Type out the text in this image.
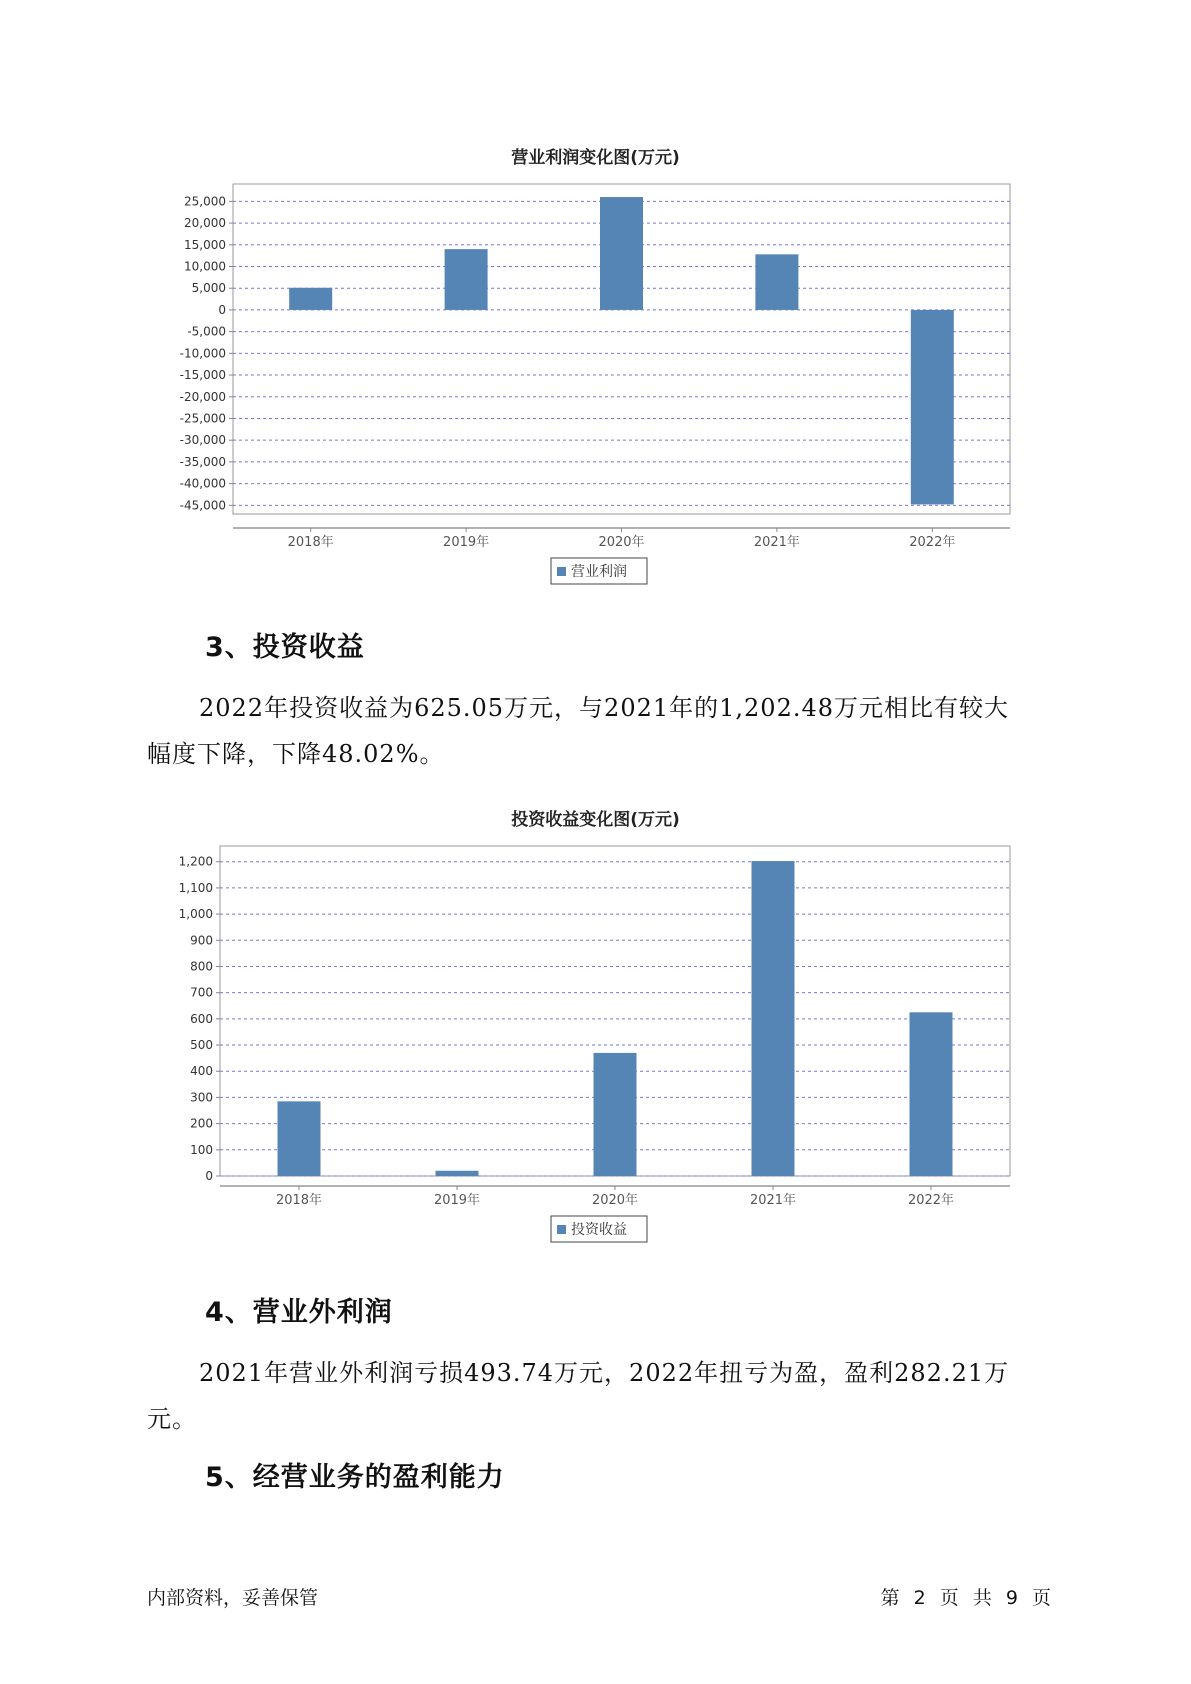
营业利润变化图(万元)
25,000
20,000
15,000
10,000
5,000
0
-5,000
-10,000
-15,000
-20,000
-25,000
-30,000
-35,000
-40,000
-45,000
2018年	2019年	2020年	2021年	2022年
营业利润
3、投资收益

2022年投资收益为625.05万元，与2021年的1,202.48万元相比有较大
幅度下降，下降48.02%。

投资收益变化图(万元)
1,200
1,100
1,000
900
800
700
600
500
400
300
200
100
0
2018年	2019年	2020年	2021年	2022年
投资收益
4、营业外利润

2021年营业外利润亏损493.74万元，2022年扭亏为盈，盈利282.21万
元。

5、经营业务的盈利能力
内部资料，妥善保管	第 2 页 共 9 页
